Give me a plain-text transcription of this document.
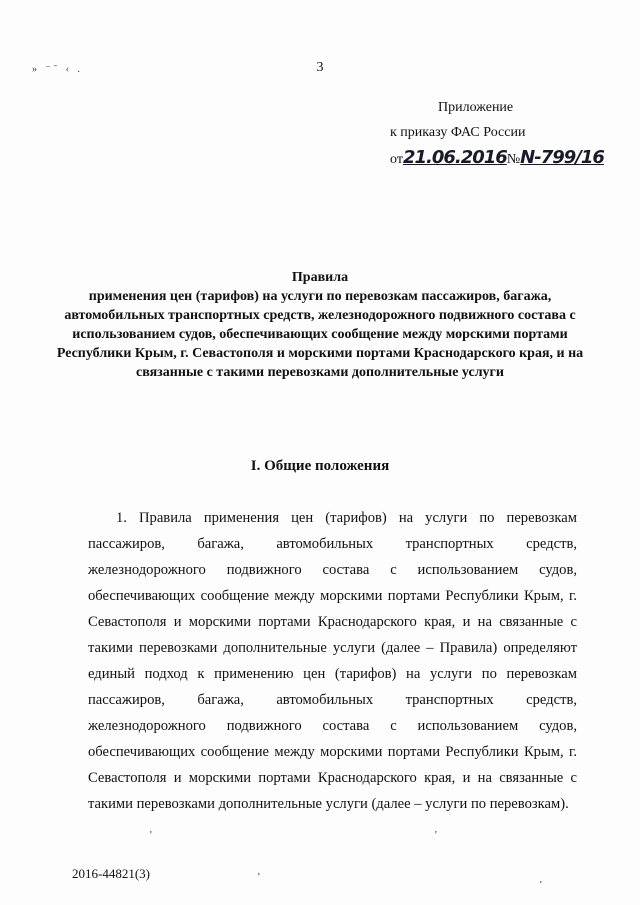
» ⁻ˉ ‹ .	3
Приложение
к приказу ФАС России
от21.06.2016№N-799/16
Правила
применения цен (тарифов) на услуги по перевозкам пассажиров, багажа, автомобильных транспортных средств, железнодорожного подвижного состава с использованием судов, обеспечивающих сообщение между морскими портами Республики Крым, г. Севастополя и морскими портами Краснодарского края, и на связанные с такими перевозками дополнительные услуги
I. Общие положения

1. Правила применения цен (тарифов) на услуги по перевозкам пассажиров, багажа, автомобильных транспортных средств, железнодорожного подвижного состава с использованием судов, обеспечивающих сообщение между морскими портами Республики Крым, г. Севастополя и морскими портами Краснодарского края, и на связанные с такими перевозками дополнительные услуги (далее – Правила) определяют единый подход к применению цен (тарифов) на услуги по перевозкам пассажиров, багажа, автомобильных транспортных средств, железнодорожного подвижного состава с использованием судов, обеспечивающих сообщение между морскими портами Республики Крым, г. Севастополя и морскими портами Краснодарского края, и на связанные с такими перевозками дополнительные услуги (далее – услуги по перевозкам).

'	'
2016-44821(3)	'
'
